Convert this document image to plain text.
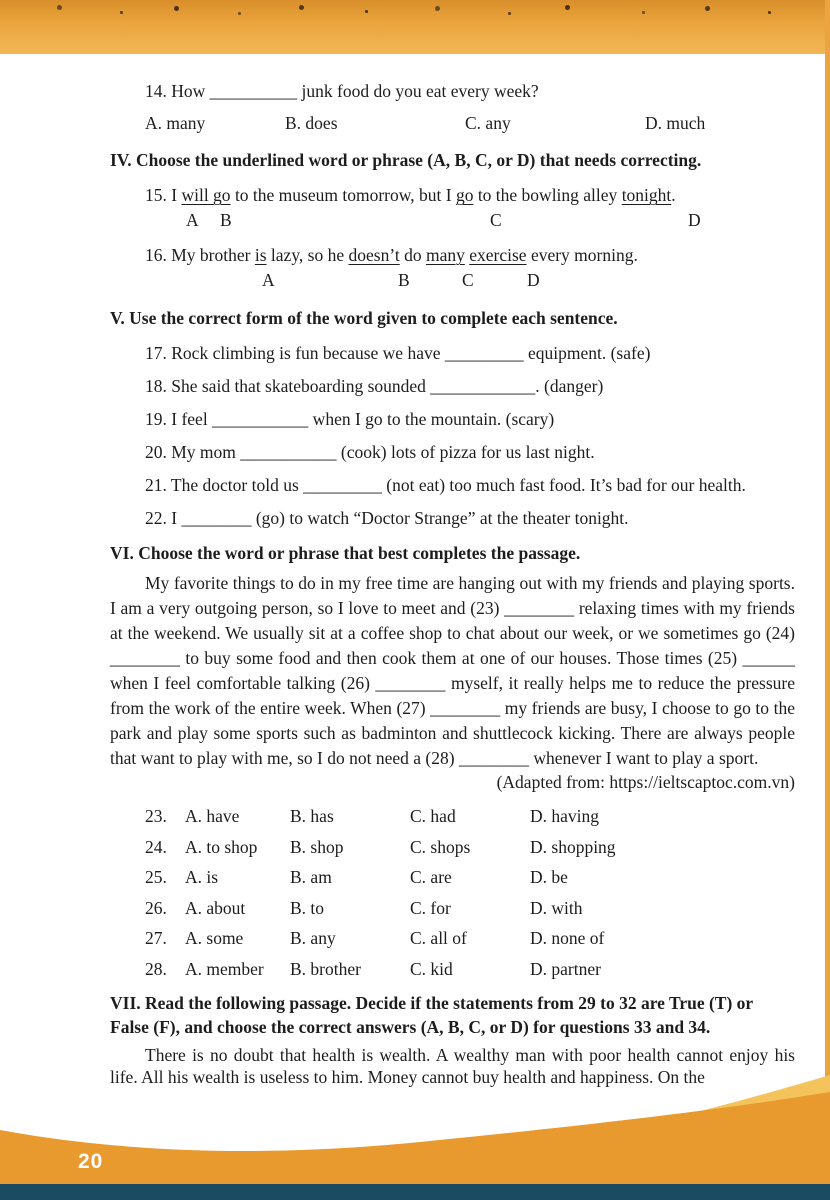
14. How __________ junk food do you eat every week?

A. many	B. does	C. any	D. much

IV. Choose the underlined word or phrase (A, B, C, or D) that needs correcting.

15. I will go to the museum tomorrow, but I go to the bowling alley tonight.

A B	C	D

16. My brother is lazy, so he doesn’t do many exercise every morning.

A	B	C	D

V. Use the correct form of the word given to complete each sentence.

17. Rock climbing is fun because we have _________ equipment. (safe)

18. She said that skateboarding sounded ____________. (danger)

19. I feel ___________ when I go to the mountain. (scary)

20. My mom ___________ (cook) lots of pizza for us last night.

21. The doctor told us _________ (not eat) too much fast food. It’s bad for our health.

22. I ________ (go) to watch “Doctor Strange” at the theater tonight.

VI. Choose the word or phrase that best completes the passage.

My favorite things to do in my free time are hanging out with my friends and playing sports. I am a very outgoing person, so I love to meet and (23) ________ relaxing times with my friends at the weekend. We usually sit at a coffee shop to chat about our week, or we sometimes go (24) ________ to buy some food and then cook them at one of our houses. Those times (25) ______ when I feel comfortable talking (26) ________ myself, it really helps me to reduce the pressure from the work of the entire week. When (27) ________ my friends are busy, I choose to go to the park and play some sports such as badminton and shuttlecock kicking. There are always people that want to play with me, so I do not need a (28) ________ whenever I want to play a sport.

(Adapted from: https://ieltscaptoc.com.vn)

23.	A. have	B. has	C. had	D. having
24.	A. to shop	B. shop	C. shops	D. shopping
25.	A. is	B. am	C. are	D. be
26.	A. about	B. to	C. for	D. with
27.	A. some	B. any	C. all of	D. none of
28.	A. member	B. brother	C. kid	D. partner

VII. Read the following passage. Decide if the statements from 29 to 32 are True (T) or False (F), and choose the correct answers (A, B, C, or D) for questions 33 and 34.

There is no doubt that health is wealth. A wealthy man with poor health cannot enjoy his life. All his wealth is useless to him. Money cannot buy health and happiness. On the

20
